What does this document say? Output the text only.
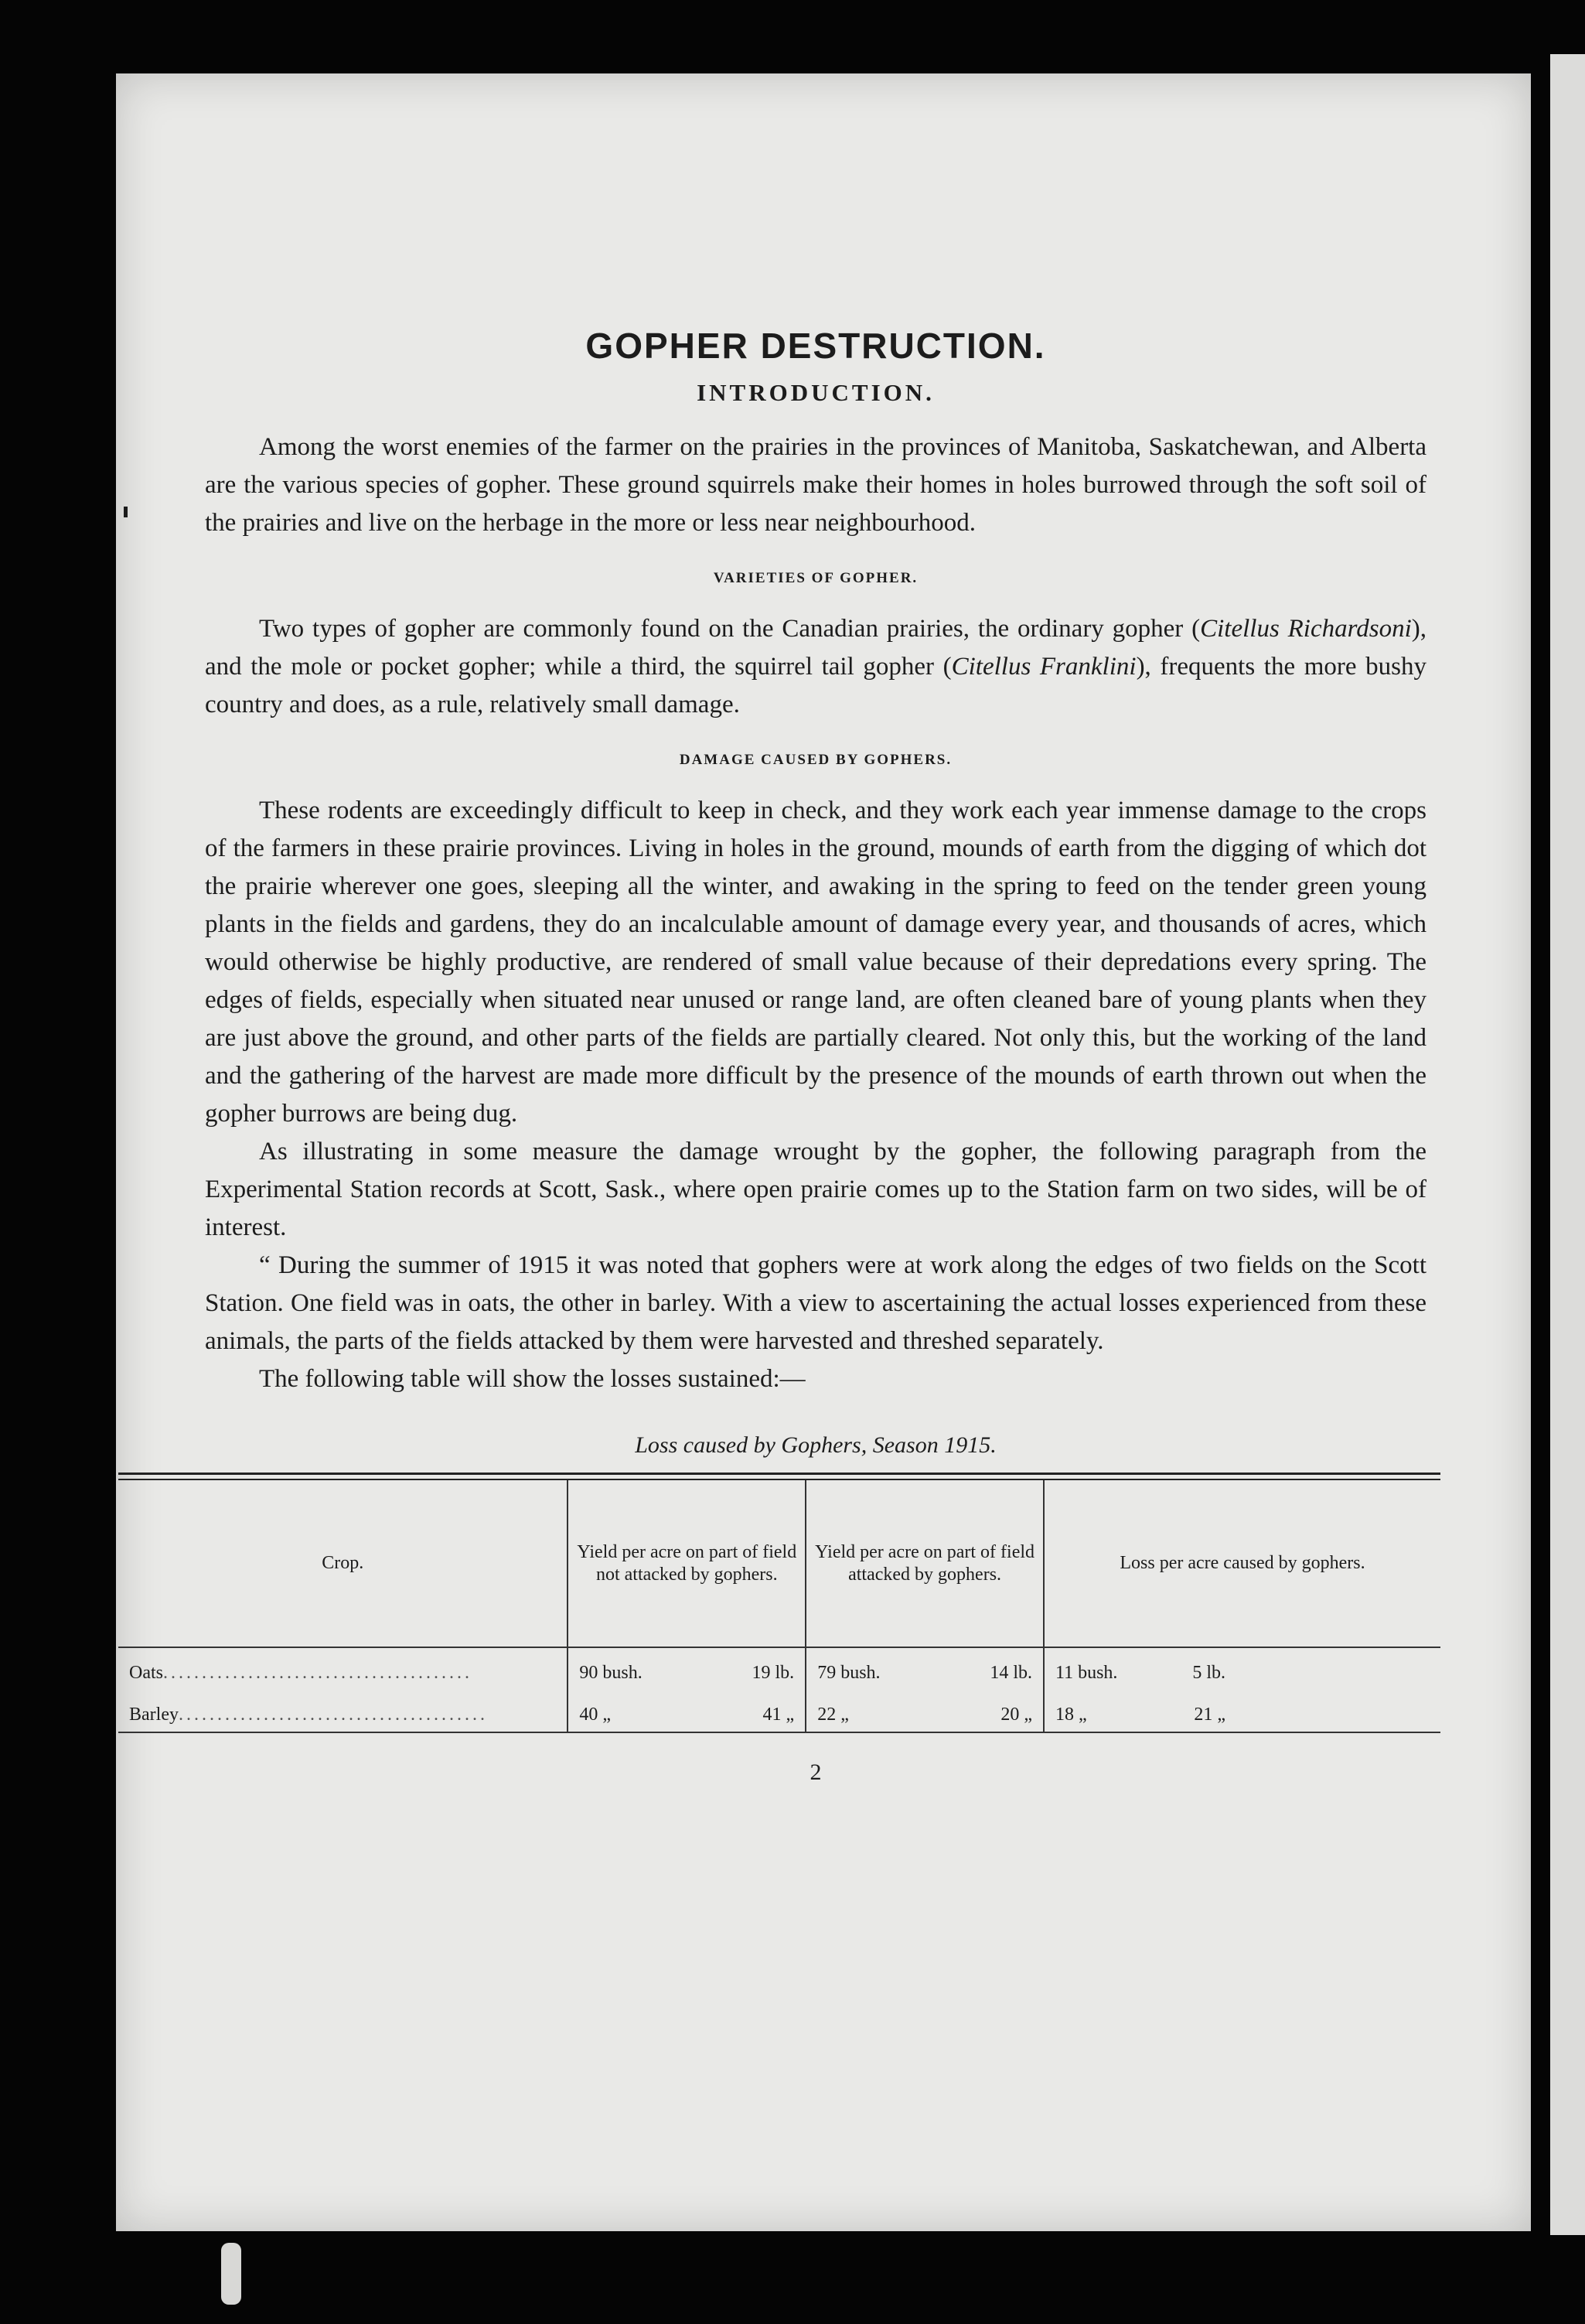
GOPHER DESTRUCTION.
INTRODUCTION.

Among the worst enemies of the farmer on the prairies in the provinces of Manitoba, Saskatchewan, and Alberta are the various species of gopher. These ground squirrels make their homes in holes burrowed through the soft soil of the prairies and live on the herbage in the more or less near neighbourhood.

VARIETIES OF GOPHER.

Two types of gopher are commonly found on the Canadian prairies, the ordinary gopher (Citellus Richardsoni), and the mole or pocket gopher; while a third, the squirrel tail gopher (Citellus Franklini), frequents the more bushy country and does, as a rule, relatively small damage.

DAMAGE CAUSED BY GOPHERS.

These rodents are exceedingly difficult to keep in check, and they work each year immense damage to the crops of the farmers in these prairie provinces. Living in holes in the ground, mounds of earth from the digging of which dot the prairie wherever one goes, sleeping all the winter, and awaking in the spring to feed on the tender green young plants in the fields and gardens, they do an incalculable amount of damage every year, and thousands of acres, which would otherwise be highly productive, are rendered of small value because of their depredations every spring. The edges of fields, especially when situated near unused or range land, are often cleaned bare of young plants when they are just above the ground, and other parts of the fields are partially cleared. Not only this, but the working of the land and the gathering of the harvest are made more difficult by the presence of the mounds of earth thrown out when the gopher burrows are being dug.

As illustrating in some measure the damage wrought by the gopher, the following paragraph from the Experimental Station records at Scott, Sask., where open prairie comes up to the Station farm on two sides, will be of interest.

“ During the summer of 1915 it was noted that gophers were at work along the edges of two fields on the Scott Station. One field was in oats, the other in barley. With a view to ascertaining the actual losses experienced from these animals, the parts of the fields attacked by them were harvested and threshed separately.

The following table will show the losses sustained:—

Loss caused by Gophers, Season 1915.
Crop.	Yield per acre on part of field not attacked by gophers.	Yield per acre on part of field attacked by gophers.	Loss per acre caused by gophers.
Oats........................................	90 bush. 19 lb.	79 bush. 14 lb.	11 bush. 5 lb.

Barley........................................	40 „ 41 „	22 „ 20 „	18 „ 21 „
2
